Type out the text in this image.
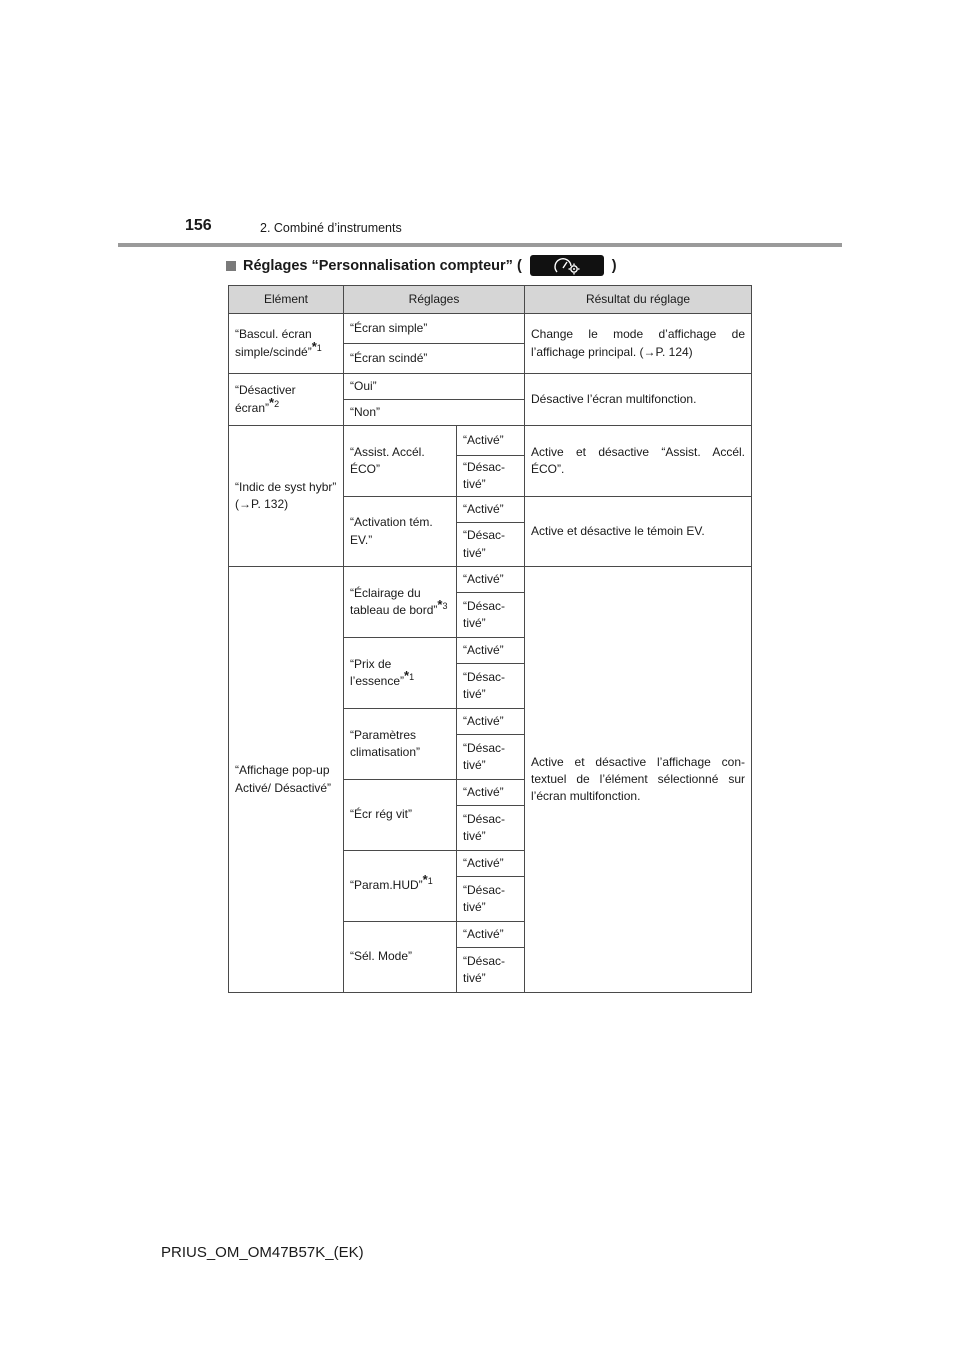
156	2. Combiné d’instruments
Réglages “Personnalisation compteur” (	)
Elément	Réglages		Résultat du réglage
“Bascul. écran simple/scindé”$^{*1}$	“Écran simple”		Change le mode d’affichage de l’affichage principal. (→P. 124)
	“Écran scindé”		
“Désactiver écran”$^{*2}$	“Oui”		Désactive l’écran multifonction.
	“Non”		
“Indic de syst hybr” (→P. 132)	“Assist. Accél. ÉCO”	“Activé”	Active et désactive “Assist. Accél. ÉCO”.
		“Désac-tivé”	
	“Activation tém. EV.”	“Activé”	Active et désactive le témoin EV.
		“Désac-tivé”	
“Affichage pop-up Activé/ Désactivé”	“Éclairage du tableau de bord”$^{*3}$	“Activé”	Active et désactive l’affichage con-textuel de l’élément sélectionné sur l’écran multifonction.
		“Désac-tivé”	
	“Prix de l’essence”$^{*1}$	“Activé”	
		“Désac-tivé”	
	“Paramètres climatisation”	“Activé”	
		“Désac-tivé”	
	“Écr rég vit”	“Activé”	
		“Désac-tivé”	
	“Param.HUD”$^{*1}$	“Activé”	
		“Désac-tivé”	
	“Sél. Mode”	“Activé”	
		“Désac-tivé”	
PRIUS_OM_OM47B57K_(EK)
